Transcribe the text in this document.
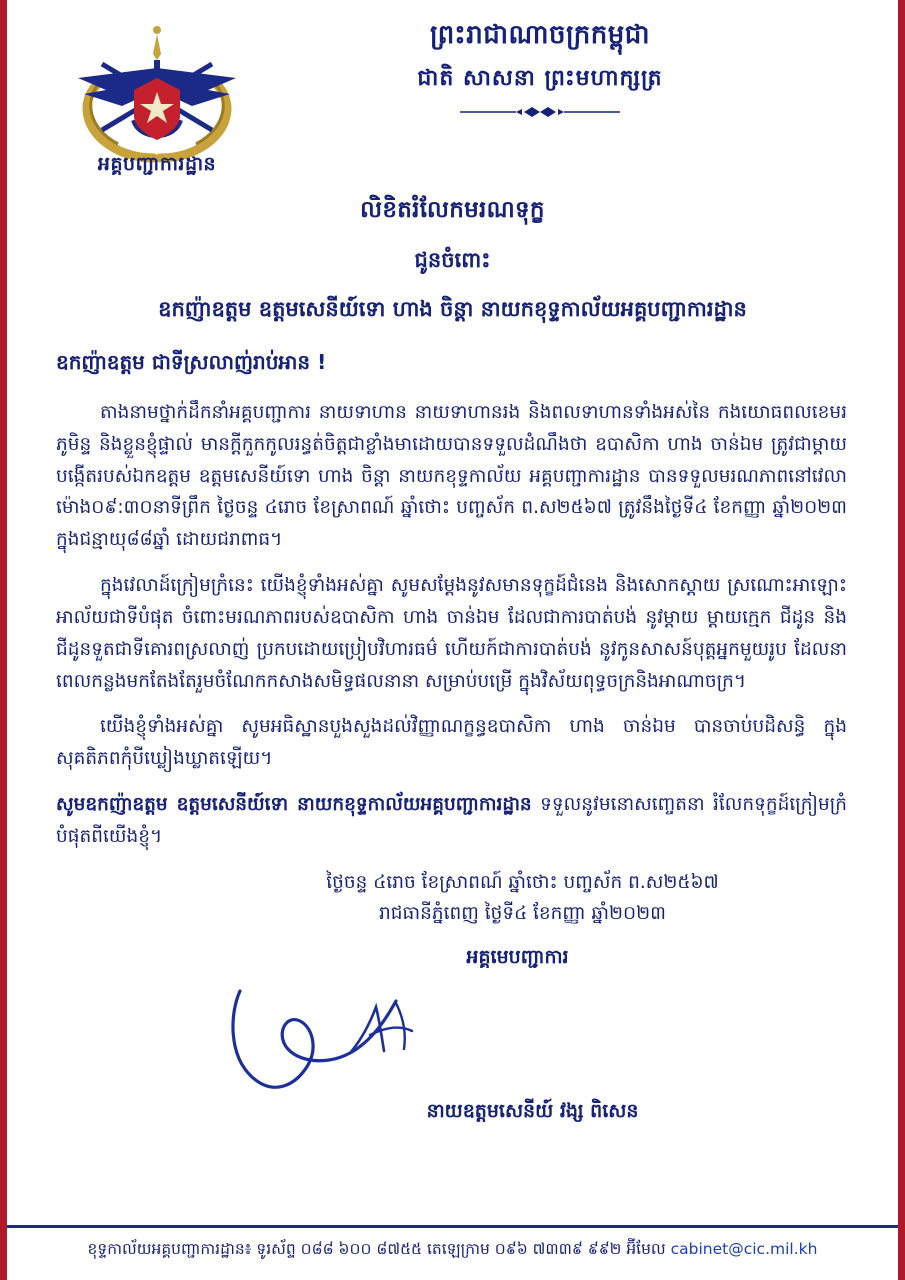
អគ្គបញ្ជាការដ្ឋាន
ព្រះរាជាណាចក្រកម្ពុជា
ជាតិ សាសនា ព្រះមហាក្សត្រ
លិខិតរំលែកមរណទុក្ខ
ជូនចំពោះ
ឧកញ៉ាឧត្តម ឧត្តមសេនីយ៍ទោ ហាង ចិន្តា នាយកខុទ្ទកាល័យអគ្គបញ្ជាការដ្ឋាន
ឧកញ៉ាឧត្តម ជាទីស្រលាញ់រាប់អាន !

តាងនាមថ្នាក់ដឹកនាំអគ្គបញ្ជាការ នាយទាហាន នាយទាហានរង និងពលទាហានទាំងអស់នៃ កងយោធពលខេមរភូមិន្ទ និងខ្លួនខ្ញុំផ្ទាល់ មានក្តីកួកកូលរន្ធត់ចិត្តជាខ្លាំងមាដោយបានទទួលដំណឹងថា ឧបាសិកា ហាង ចាន់ឯម ត្រូវជាម្តាយបង្កើតរបស់ឯកឧត្តម ឧត្តមសេនីយ៍ទោ ហាង ចិន្តា នាយកខុទ្ទកាល័យ អគ្គបញ្ជាការដ្ឋាន បានទទួលមរណភាពនៅវេលាម៉ោង០៩:៣០នាទីព្រឹក ថ្ងៃចន្ទ ៤រោច ខែស្រាពណ៍ ឆ្នាំថោះ បញ្ចស័ក ព.ស២៥៦៧ ត្រូវនឹងថ្ងៃទី៤ ខែកញ្ញា ឆ្នាំ២០២៣ ក្នុងជន្មាយុ៨៨ឆ្នាំ ដោយជរាពាធ។

ក្នុងវេលាដ៍ក្រៀមក្រំនេះ យើងខ្ញុំទាំងអស់គ្នា សូមសម្តែងនូវសមានទុក្ខដ៍ជំនេង និងសោកស្តាយ ស្រណោះអាឡោះអាល័យជាទីបំផុត ចំពោះមរណភាពរបស់ឧបាសិកា ហាង ចាន់ឯម ដែលជាការបាត់បង់ នូវម្តាយ ម្តាយក្មេក ជីដូន និងជីដូនទួតជាទីគោរពស្រលាញ់ ប្រកបដោយប្រៀបវិហារធម៌ ហើយក៍ជាការបាត់បង់ នូវកូនសាសន៍បុត្តអ្នកមួយរូប ដែលនាពេលកន្លងមកតែងតែរួមចំណែកកសាងសមិទ្ធផលនានា សម្រាប់បម្រើ ក្នុងវិស័យពុទ្ធចក្រនិងអាណាចក្រ។

យើងខ្ញុំទាំងអស់គ្នា សូមអធិស្ឋានបួងសួងដល់វិញ្ញាណក្ខន្ធឧបាសិកា ហាង ចាន់ឯម បានចាប់បដិសន្ធិ ក្នុងសុគតិភពកុំបីឃ្លៀងឃ្លាតឡើយ។

សូមឧកញ៉ាឧត្តម ឧត្តមសេនីយ៍ទោ នាយកខុទ្ទកាល័យអគ្គបញ្ជាការដ្ឋាន ទទួលនូវមនោសញ្ចេតនា រំលែកទុក្ខដ៍ក្រៀមក្រំបំផុតពីយើងខ្ញុំ។

ថ្ងៃចន្ទ ៤រោច ខែស្រាពណ៍ ឆ្នាំថោះ បញ្ចស័ក ព.ស២៥៦៧
រាជធានីភ្នំពេញ ថ្ងៃទី៤ ខែកញ្ញា ឆ្នាំ២០២៣
អគ្គមេបញ្ជាការ
នាយឧត្តមសេនីយ៍ វង្ស ពិសេន
ខុទ្ទកាល័យអគ្គបញ្ជាការដ្ឋាន៖ ទូរស័ព្ទ ០៨៨ ៦០០ ៨៧៥៥ តេឡេក្រាម ០៩៦ ៧៣៣៩ ៩៩២ អ៊ីមែល cabinet@cic.mil.kh
